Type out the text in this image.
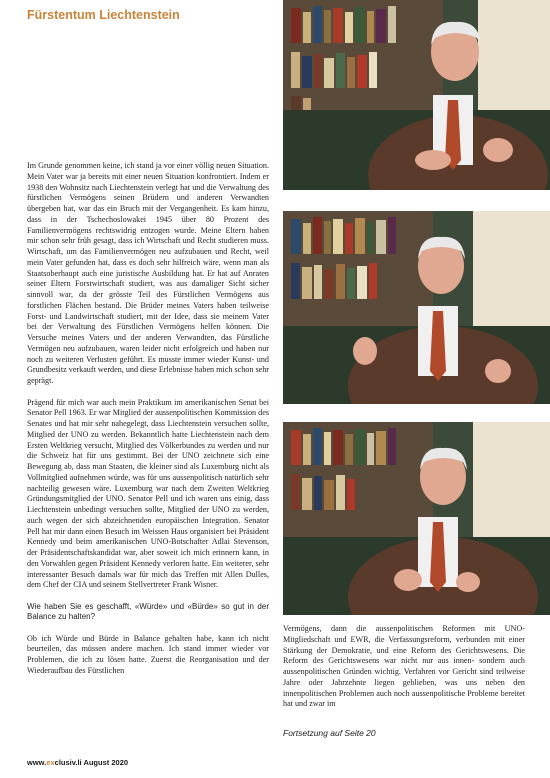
Fürstentum Liechtenstein

Im Grunde genommen keine, ich stand ja vor einer völlig neuen Situation. Mein Vater war ja bereits mit einer neuen Situation konfrontiert. Indem er 1938 den Wohnsitz nach Liechtenstein verlegt hat und die Verwaltung des fürstlichen Vermögens seinen Brüdern und anderen Verwandten übergeben hat, war das ein Bruch mit der Vergangenheit. Es kam hinzu, dass in der Tschechoslowakei 1945 über 80 Prozent des Familienvermögens rechtswidrig entzogen wurde. Meine Eltern haben mir schon sehr früh gesagt, dass ich Wirtschaft und Recht studieren muss. Wirtschaft, um das Familienvermögen neu aufzubauen und Recht, weil mein Vater gefunden hat, dass es doch sehr hilfreich wäre, wenn man als Staatsoberhaupt auch eine juristische Ausbildung hat. Er hat auf Anraten seiner Eltern Forstwirtschaft studiert, was aus damaliger Sicht sicher sinnvoll war, da der grösste Teil des Fürstlichen Vermögens aus forstlichen Flächen bestand. Die Brüder meines Vaters haben teilweise Forst- und Landwirtschaft studiert, mit der Idee, dass sie meinem Vater bei der Verwaltung des Fürstlichen Vermögens helfen können. Die Versuche meines Vaters und der anderen Verwandten, das Fürstliche Vermögen neu aufzubauen, waren leider nicht erfolgreich und haben nur noch zu weiteren Verlusten geführt. Es musste immer wieder Kunst- und Grundbesitz verkauft werden, und diese Erlebnisse haben mich schon sehr geprägt.

Prägend für mich war auch mein Praktikum im amerikanischen Senat bei Senator Pell 1963. Er war Mitglied der aussenpolitischen Kommission des Senates und hat mir sehr nahegelegt, dass Liechtenstein versuchen sollte, Mitglied der UNO zu werden. Bekanntlich hatte Liechtenstein nach dem Ersten Weltkrieg versucht, Mitglied des Völkerbundes zu werden und nur die Schweiz hat für uns gestimmt. Bei der UNO zeichnete sich eine Bewegung ab, dass man Staaten, die kleiner sind als Luxemburg nicht als Vollmitglied aufnehmen würde, was für uns aussenpolitisch natürlich sehr nachteilig gewesen wäre. Luxemburg war nach dem Zweiten Weltkrieg Gründungsmitglied der UNO. Senator Pell und ich waren uns einig, dass Liechtenstein unbedingt versuchen sollte, Mitglied der UNO zu werden, auch wegen der sich abzeichnenden europäischen Integration. Senator Pell hat mir dann einen Besuch im Weissen Haus organisiert bei Präsident Kennedy und beim amerikanischen UNO-Botschafter Adlai Stevenson, der Präsidentschaftskandidat war, aber soweit ich mich erinnern kann, in den Vorwahlen gegen Präsident Kennedy verloren hatte. Ein weiterer, sehr interessanter Besuch damals war für mich das Treffen mit Allen Dulles, dem Chef der CIA und seinem Stellvertreter Frank Wisner.

Wie haben Sie es geschafft, «Würde» und «Bürde» so gut in der Balance zu halten?

Ob ich Würde und Bürde in Balance gehalten habe, kann ich nicht beurteilen, das müssen andere machen. Ich stand immer wieder vor Problemen, die ich zu lösen hatte. Zuerst die Reorganisation und der Wiederaufbau des Fürstlichen

Vermögens, dann die aussenpolitischen Reformen mit UNO-Mitgliedschaft und EWR, die Verfassungsreform, verbunden mit einer Stärkung der Demokratie, und eine Reform des Gerichtswesens. Die Reform des Gerichtswesens war nicht nur aus innen- sondern auch aussenpolitischen Gründen wichtig. Verfahren vor Gericht sind teilweise Jahre oder Jahrzehnte liegen geblieben, was uns neben den innenpolitischen Problemen auch noch aussenpolitische Probleme bereitet hat und zwar im

Fortsetzung auf Seite 20
www.exclusiv.li August 2020
